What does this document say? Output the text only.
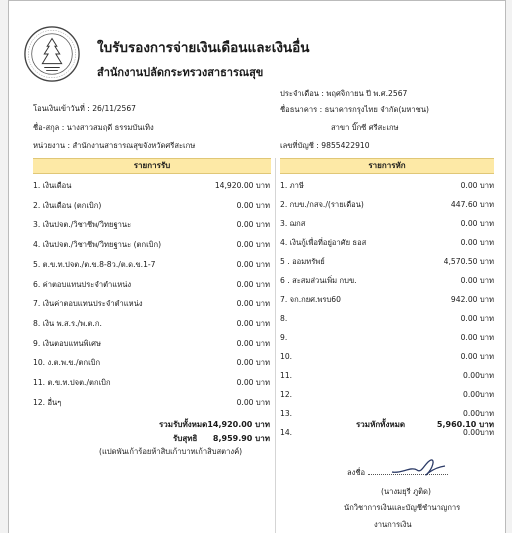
ใบรับรองการจ่ายเงินเดือนและเงินอื่น
สำนักงานปลัดกระทรวงสาธารณสุข
โอนเงินเข้าวันที่ : 26/11/2567
ชื่อ-สกุล : นางสาวสมฤดี ธรรมบันเทิง
หน่วยงาน : สำนักงานสาธารณสุขจังหวัดศรีสะเกษ
ประจำเดือน : พฤศจิกายน ปี พ.ศ.2567
ชื่อธนาคาร : ธนาคารกรุงไทย จำกัด(มหาชน)
สาขา บิ๊กซี ศรีสะเกษ
เลขที่บัญชี : 9855422910
รายการรับ	รายการหัก
1. เงินเดือน	14,920.00 บาท
2. เงินเดือน (ตกเบิก)	0.00 บาท
3. เงินปจต./วิชาชีพ/วิทยฐานะ	0.00 บาท
4. เงินปจต./วิชาชีพ/วิทยฐานะ (ตกเบิก)	0.00 บาท
5. ต.ข.ท.ปจต./ต.ข.8-8ว./ต.ด.ข.1-7	0.00 บาท
6. ค่าตอบแทนประจำตำแหน่ง	0.00 บาท
7. เงินค่าตอบแทนประจำตำแหน่ง	0.00 บาท
8. เงิน พ.ส.ร./พ.ต.ก.	0.00 บาท
9. เงินตอบแทนพิเศษ	0.00 บาท
10. ง.ต.พ.ข./ตกเบิก	0.00 บาท
11. ต.ข.ท.ปจต./ตกเบิก	0.00 บาท
12. อื่นๆ	0.00 บาท
1. ภาษี	0.00 บาท
2. กบข./กสจ./(รายเดือน)	447.60 บาท
3. ฌกส	0.00 บาท
4. เงินกู้เพื่อที่อยู่อาศัย ธอส	0.00 บาท
5 . ออมทรัพย์	4,570.50 บาท
6 . สะสมส่วนเพิ่ม กบข.	0.00 บาท
7. จก.กยศ.พรบ60	942.00 บาท
8.	0.00 บาท
9.	0.00 บาท
10.	0.00 บาท
11.	0.00บาท
12.	0.00บาท
13.	0.00บาท
14.	0.00บาท
รวมรับทั้งหมด 14,920.00 บาท
รับสุทธิ	8,959.90 บาท
(แปดพันเก้าร้อยห้าสิบเก้าบาทเก้าสิบสตางค์)
รวมหักทั้งหมด	5,960.10 บาท
ลงชื่อ
(นางมยุรี ภูติด)
นักวิชาการเงินและบัญชีชำนาญการ
งานการเงิน
